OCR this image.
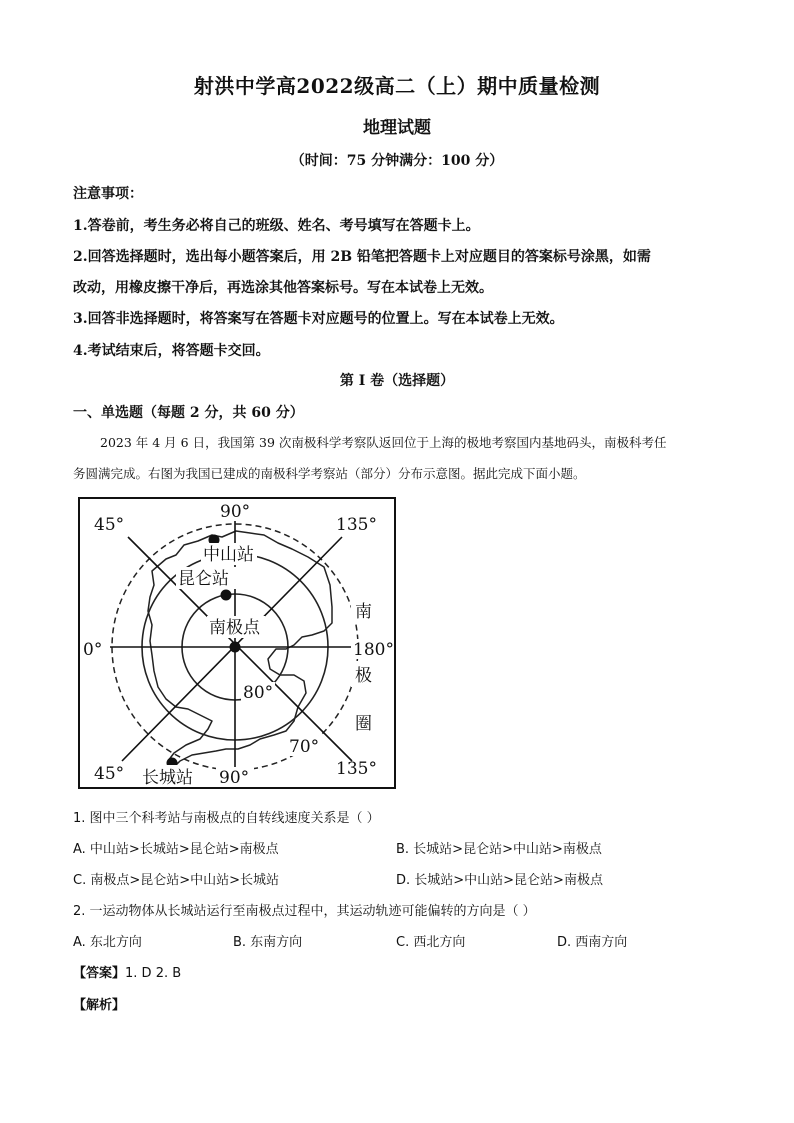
射洪中学高2022级高二（上）期中质量检测
地理试题
（时间：75 分钟满分：100 分）
注意事项：
1.答卷前，考生务必将自己的班级、姓名、考号填写在答题卡上。
2.回答选择题时，选出每小题答案后，用 2B 铅笔把答题卡上对应题目的答案标号涂黑，如需
改动，用橡皮擦干净后，再选涂其他答案标号。写在本试卷上无效。
3.回答非选择题时，将答案写在答题卡对应题号的位置上。写在本试卷上无效。
4.考试结束后，将答题卡交回。
第 I 卷（选择题）
一、单选题（每题 2 分，共 60 分）
2023 年 4 月 6 日，我国第 39 次南极科学考察队返回位于上海的极地考察国内基地码头，南极科考任
务圆满完成。右图为我国已建成的南极科学考察站（部分）分布示意图。据此完成下面小题。
90°
45°	135°
0°	180°
45°	135°
90°
80°
70°
南
极
圈
中山站
昆仑站
南极点
长城站
1. 图中三个科考站与南极点的自转线速度关系是（ ）
A. 中山站>长城站>昆仑站>南极点	B. 长城站>昆仑站>中山站>南极点
C. 南极点>昆仑站>中山站>长城站	D. 长城站>中山站>昆仑站>南极点
2. 一运动物体从长城站运行至南极点过程中，其运动轨迹可能偏转的方向是（ ）
A. 东北方向	B. 东南方向	C. 西北方向	D. 西南方向
【答案】1. D 2. B
【解析】
